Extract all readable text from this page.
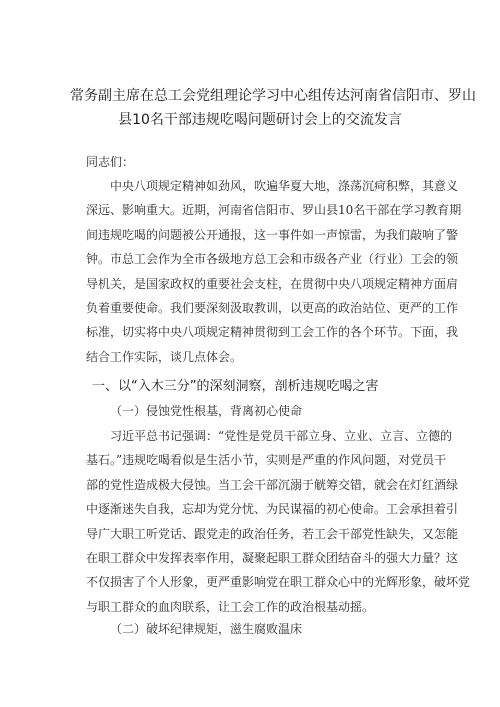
常务副主席在总工会党组理论学习中心组传达河南省信阳市、罗山
县10名干部违规吃喝问题研讨会上的交流发言
同志们：
中央八项规定精神如劲风，吹遍华夏大地，涤荡沉疴积弊，其意义
深远、影响重大。近期，河南省信阳市、罗山县10名干部在学习教育期
间违规吃喝的问题被公开通报，这一事件如一声惊雷，为我们敲响了警
钟。市总工会作为全市各级地方总工会和市级各产业（行业）工会的领
导机关，是国家政权的重要社会支柱，在贯彻中央八项规定精神方面肩
负着重要使命。我们要深刻汲取教训，以更高的政治站位、更严的工作
标准，切实将中央八项规定精神贯彻到工会工作的各个环节。下面，我
结合工作实际，谈几点体会。
一、以“入木三分”的深刻洞察，剖析违规吃喝之害
（一）侵蚀党性根基，背离初心使命
习近平总书记强调：“党性是党员干部立身、立业、立言、立德的
基石。”违规吃喝看似是生活小节，实则是严重的作风问题，对党员干
部的党性造成极大侵蚀。当工会干部沉溺于觥筹交错，就会在灯红酒绿
中逐渐迷失自我，忘却为党分忧、为民谋福的初心使命。工会承担着引
导广大职工听党话、跟党走的政治任务，若工会干部党性缺失，又怎能
在职工群众中发挥表率作用，凝聚起职工群众团结奋斗的强大力量？这
不仅损害了个人形象，更严重影响党在职工群众心中的光辉形象，破坏党
与职工群众的血肉联系，让工会工作的政治根基动摇。
（二）破坏纪律规矩，滋生腐败温床
